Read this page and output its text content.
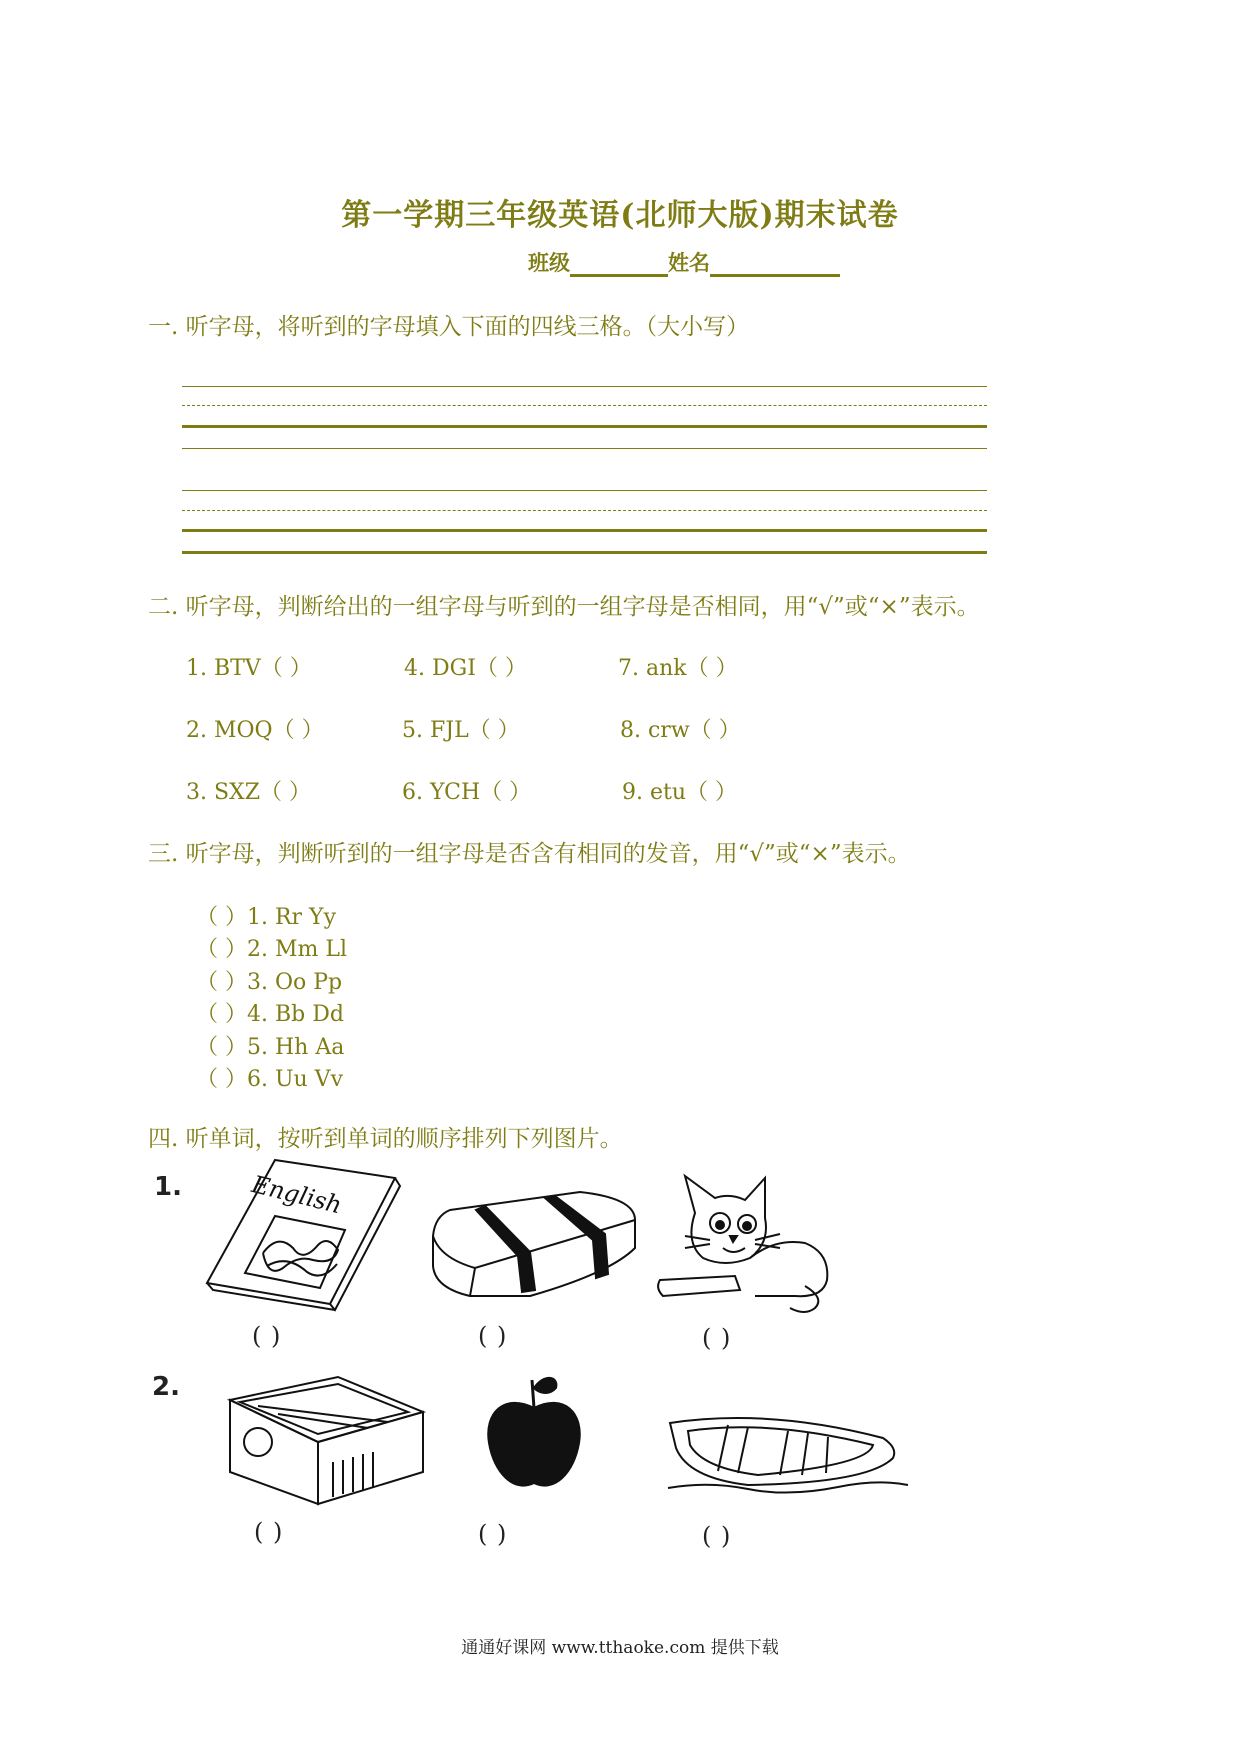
第一学期三年级英语(北师大版)期末试卷
班级	姓名
一. 听字母，将听到的字母填入下面的四线三格。（大小写）
二. 听字母，判断给出的一组字母与听到的一组字母是否相同，用“√”或“×”表示。
1. BTV（ ）	4. DGI（ ）	7. ank（ ）
2. MOQ（ ）	5. FJL（ ）	8. crw（ ）
3. SXZ（ ）	6. YCH（ ）	9. etu（ ）
三. 听字母，判断听到的一组字母是否含有相同的发音，用“√”或“×”表示。
（ ）1. Rr Yy
（ ）2. Mm Ll
（ ）3. Oo Pp
（ ）4. Bb Dd
（ ）5. Hh Aa
（ ）6. Uu Vv
四. 听单词，按听到单词的顺序排列下列图片。
1.
2.
English
( )	( )	( )
( )	( )	( )
通通好课网 www.tthaoke.com 提供下载
